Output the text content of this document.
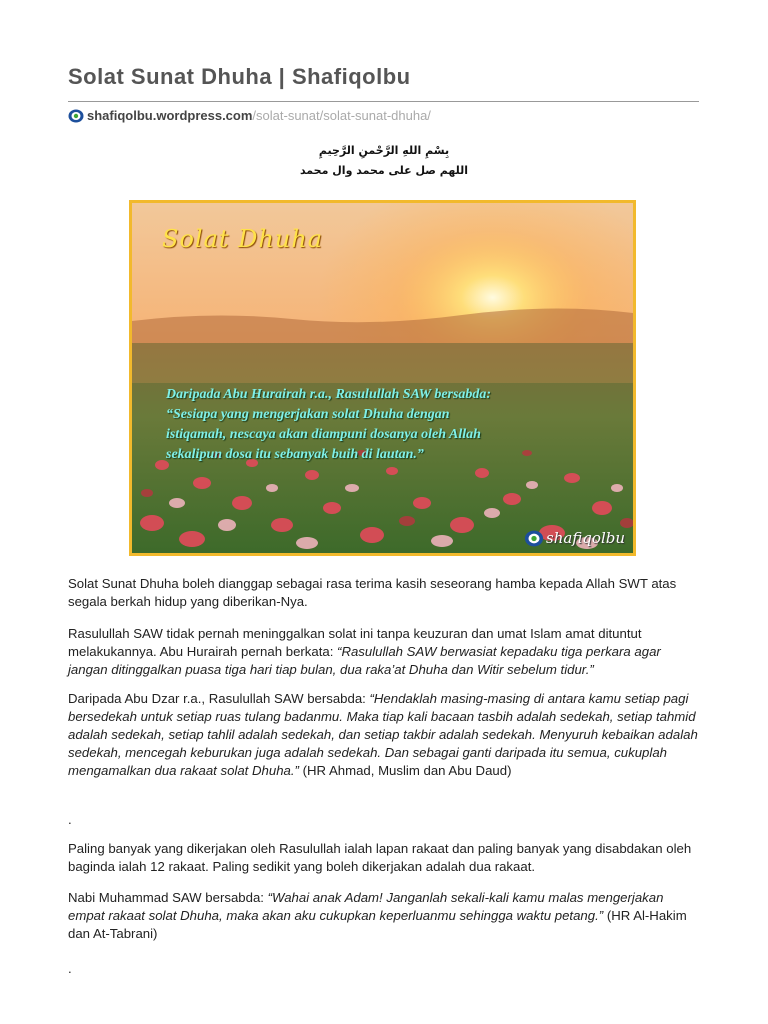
Solat Sunat Dhuha | Shafiqolbu
shafiqolbu.wordpress.com /solat-sunat/solat-sunat-dhuha/
بِسْمِ اللهِ الرَّحْمنِ الرَّحِيمِ
اللهم صل على محمد وال محمد
Solat Dhuha
Daripada Abu Hurairah r.a., Rasulullah SAW bersabda:
“Sesiapa yang mengerjakan solat Dhuha dengan
istiqamah, nescaya akan diampuni dosanya oleh Allah
sekalipun dosa itu sebanyak buih di lautan.”
shafiqolbu

Solat Sunat Dhuha boleh dianggap sebagai rasa terima kasih seseorang hamba kepada Allah SWT atas segala berkah hidup yang diberikan-Nya.

Rasulullah SAW tidak pernah meninggalkan solat ini tanpa keuzuran dan umat Islam amat dituntut melakukannya. Abu Hurairah pernah berkata: “Rasulullah SAW berwasiat kepadaku tiga perkara agar jangan ditinggalkan puasa tiga hari tiap bulan, dua raka’at Dhuha dan Witir sebelum tidur.”

Daripada Abu Dzar r.a., Rasulullah SAW bersabda: “Hendaklah masing-masing di antara kamu setiap pagi bersedekah untuk setiap ruas tulang badanmu. Maka tiap kali bacaan tasbih adalah sedekah, setiap tahmid adalah sedekah, setiap tahlil adalah sedekah, dan setiap takbir adalah sedekah. Menyuruh kebaikan adalah sedekah, mencegah keburukan juga adalah sedekah. Dan sebagai ganti daripada itu semua, cukuplah mengamalkan dua rakaat solat Dhuha.” (HR Ahmad, Muslim dan Abu Daud)

.

Paling banyak yang dikerjakan oleh Rasulullah ialah lapan rakaat dan paling banyak yang disabdakan oleh baginda ialah 12 rakaat. Paling sedikit yang boleh dikerjakan adalah dua rakaat.

Nabi Muhammad SAW bersabda: “Wahai anak Adam! Janganlah sekali-kali kamu malas mengerjakan empat rakaat solat Dhuha, maka akan aku cukupkan keperluanmu sehingga waktu petang.” (HR Al-Hakim dan At-Tabrani)

.
